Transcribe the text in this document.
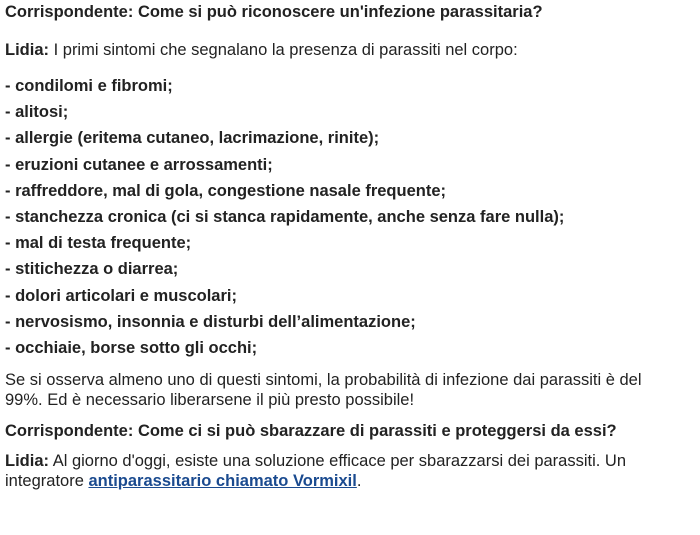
Corrispondente: Come si può riconoscere un'infezione parassitaria?
Lidia: I primi sintomi che segnalano la presenza di parassiti nel corpo:
- condilomi e fibromi;
- alitosi;
- allergie (eritema cutaneo, lacrimazione, rinite);
- eruzioni cutanee e arrossamenti;
- raffreddore, mal di gola, congestione nasale frequente;
- stanchezza cronica (ci si stanca rapidamente, anche senza fare nulla);
- mal di testa frequente;
- stitichezza o diarrea;
- dolori articolari e muscolari;
- nervosismo, insonnia e disturbi dell’alimentazione;
- occhiaie, borse sotto gli occhi;
Se si osserva almeno uno di questi sintomi, la probabilità di infezione dai parassiti è del
99%. Ed è necessario liberarsene il più presto possibile!
Corrispondente: Come ci si può sbarazzare di parassiti e proteggersi da essi?
Lidia: Al giorno d'oggi, esiste una soluzione efficace per sbarazzarsi dei parassiti. Un
integratore antiparassitario chiamato Vormixil.
